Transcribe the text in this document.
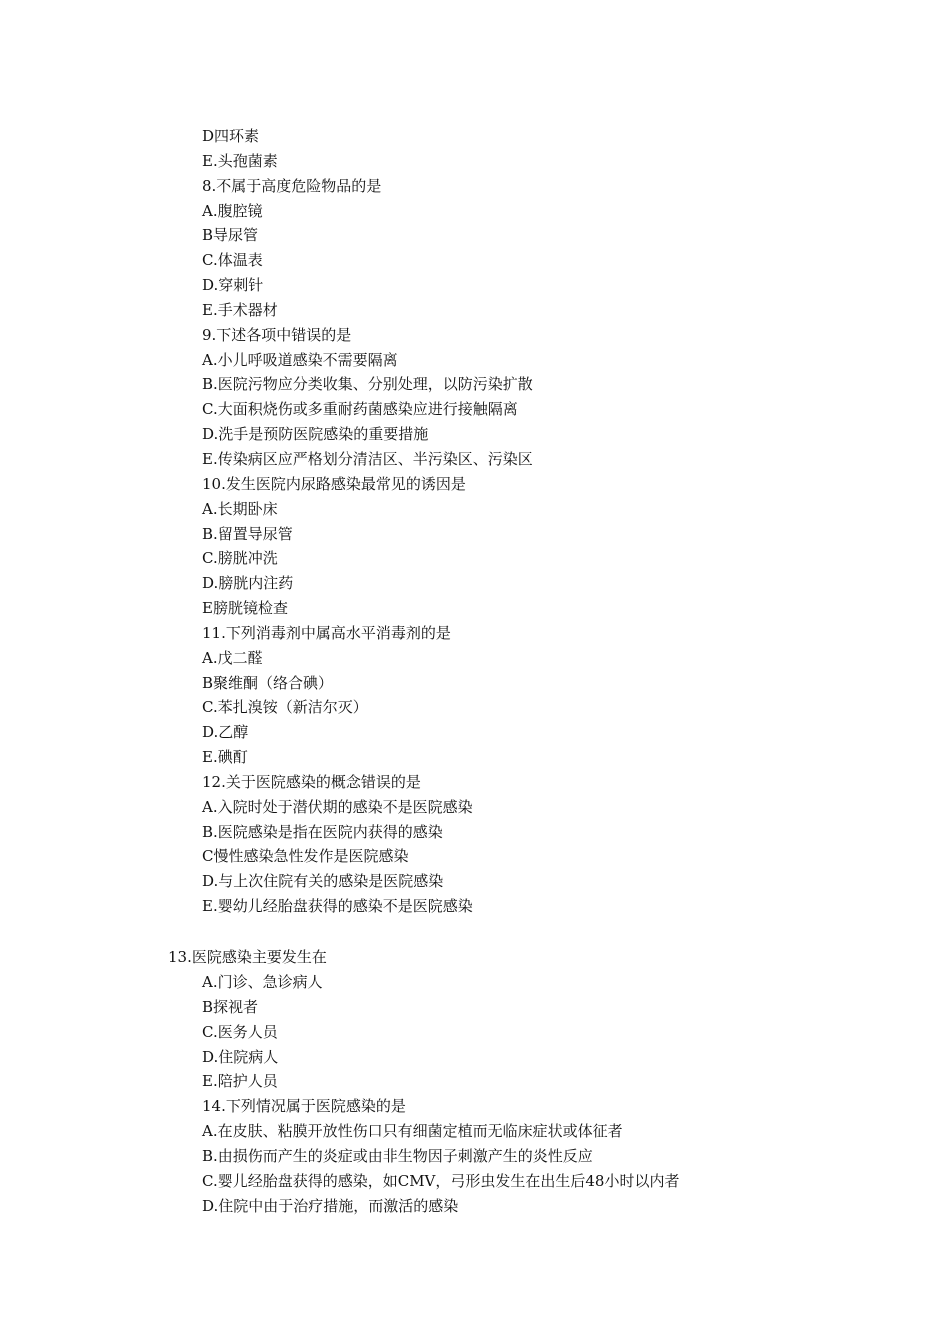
D四环素
E.头孢菌素
8.不属于高度危险物品的是
A.腹腔镜
B导尿管
C.体温表
D.穿刺针
E.手术器材
9.下述各项中错误的是
A.小儿呼吸道感染不需要隔离
B.医院污物应分类收集、分别处理，以防污染扩散
C.大面积烧伤或多重耐药菌感染应进行接触隔离
D.洗手是预防医院感染的重要措施
E.传染病区应严格划分清洁区、半污染区、污染区
10.发生医院内尿路感染最常见的诱因是
A.长期卧床
B.留置导尿管
C.膀胱冲洗
D.膀胱内注药
E膀胱镜检查
11.下列消毒剂中属高水平消毒剂的是
A.戊二醛
B聚维酮（络合碘）
C.苯扎溴铵（新洁尔灭）
D.乙醇
E.碘酊
12.关于医院感染的概念错误的是
A.入院时处于潜伏期的感染不是医院感染
B.医院感染是指在医院内获得的感染
C慢性感染急性发作是医院感染
D.与上次住院有关的感染是医院感染
E.婴幼儿经胎盘获得的感染不是医院感染
13.医院感染主要发生在
A.门诊、急诊病人
B探视者
C.医务人员
D.住院病人
E.陪护人员
14.下列情况属于医院感染的是
A.在皮肤、粘膜开放性伤口只有细菌定植而无临床症状或体征者
B.由损伤而产生的炎症或由非生物因子刺激产生的炎性反应
C.婴儿经胎盘获得的感染，如CMV，弓形虫发生在出生后48小时以内者
D.住院中由于治疗措施，而激活的感染
